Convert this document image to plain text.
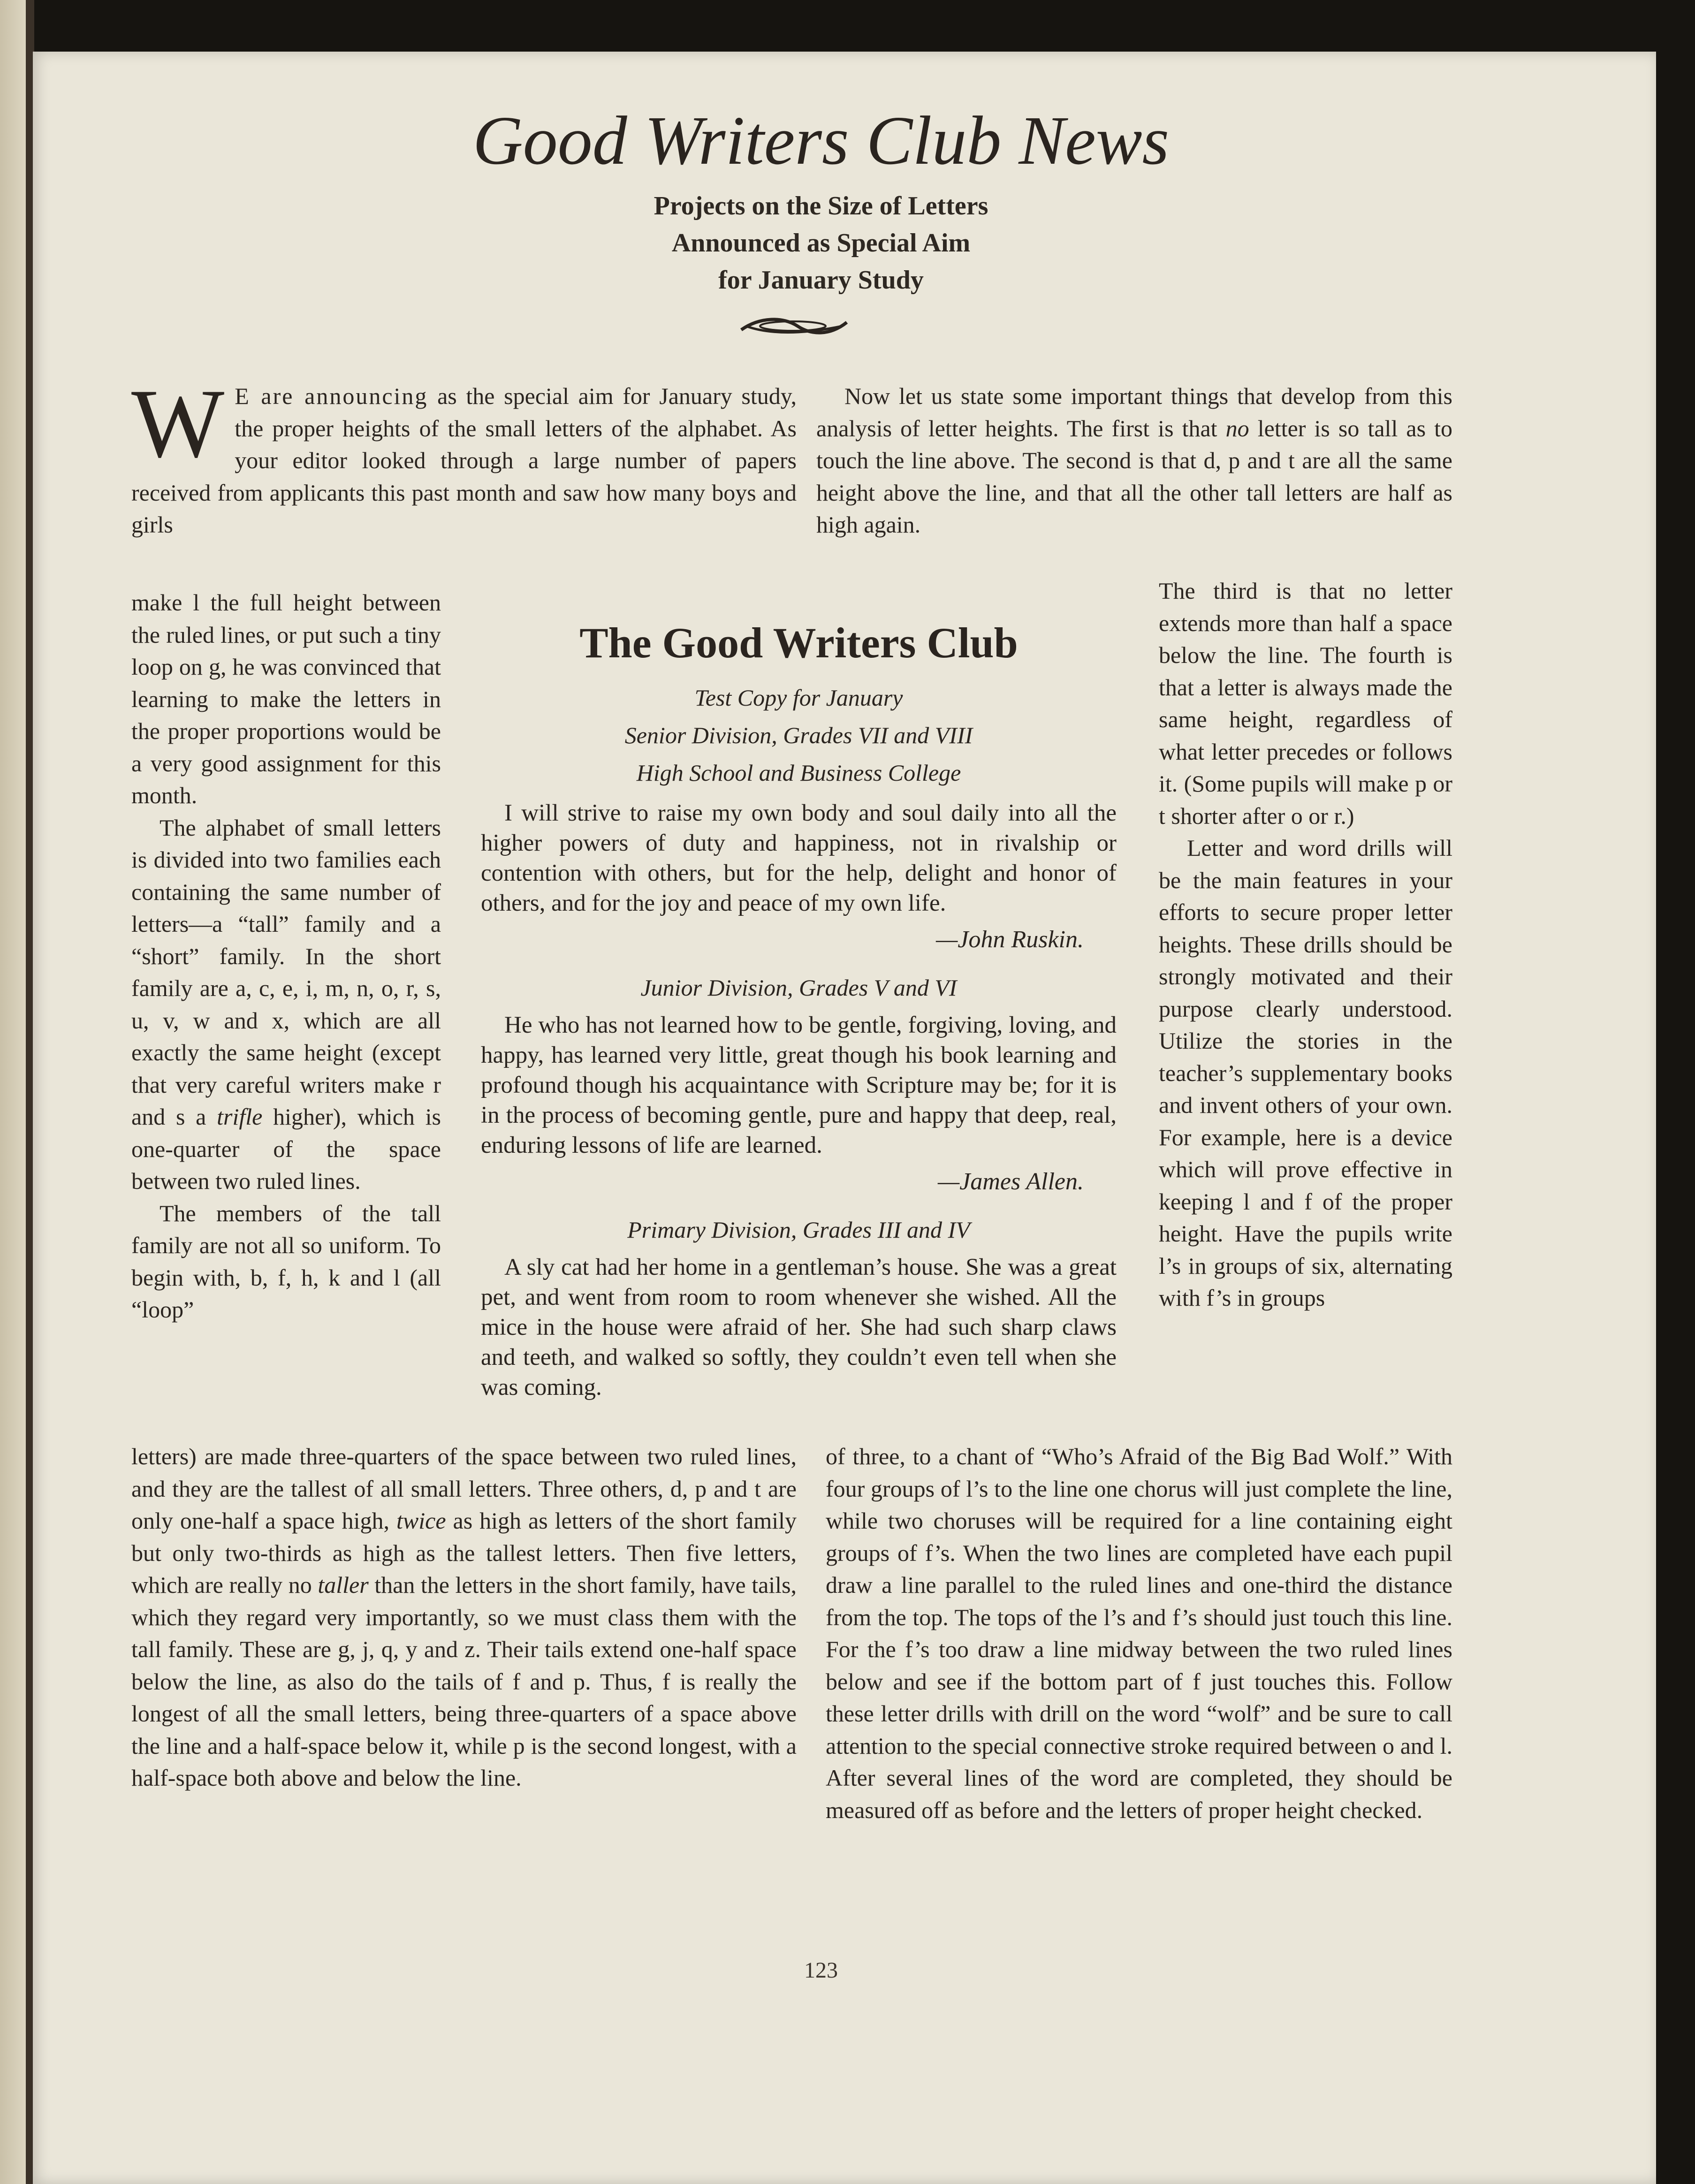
Good Writers Club News
Projects on the Size of Letters
Announced as Special Aim
for January Study

W E are announcing as the special aim for January study, the proper heights of the small letters of the alphabet. As your editor looked through a large number of papers received from applicants this past month and saw how many boys and girls

make l the full height between the ruled lines, or put such a tiny loop on g, he was convinced that learning to make the letters in the proper proportions would be a very good assignment for this month.

The alphabet of small letters is divided into two families each containing the same number of letters—a “tall” family and a “short” family. In the short family are a, c, e, i, m, n, o, r, s, u, v, w and x, which are all exactly the same height (except that very careful writers make r and s a trifle higher), which is one-quarter of the space between two ruled lines.

The members of the tall family are not all so uniform. To begin with, b, f, h, k and l (all “loop”

letters) are made three-quarters of the space between two ruled lines, and they are the tallest of all small letters. Three others, d, p and t are only one-half a space high, twice as high as letters of the short family but only two-thirds as high as the tallest letters. Then five letters, which are really no taller than the letters in the short family, have tails, which they regard very importantly, so we must class them with the tall family. These are g, j, q, y and z. Their tails extend one-half space below the line, as also do the tails of f and p. Thus, f is really the longest of all the small letters, being three-quarters of a space above the line and a half-space below it, while p is the second longest, with a half-space both above and below the line.

Now let us state some important things that develop from this analysis of letter heights. The first is that no letter is so tall as to touch the line above. The second is that d, p and t are all the same height above the line, and that all the other tall letters are half as high again.

The third is that no letter extends more than half a space below the line. The fourth is that a letter is always made the same height, regardless of what letter precedes or follows it. (Some pupils will make p or t shorter after o or r.)

Letter and word drills will be the main features in your efforts to secure proper letter heights. These drills should be strongly motivated and their purpose clearly understood. Utilize the stories in the teacher’s supplementary books and invent others of your own. For example, here is a device which will prove effective in keeping l and f of the proper height. Have the pupils write l’s in groups of six, alternating with f’s in groups

of three, to a chant of “Who’s Afraid of the Big Bad Wolf.” With four groups of l’s to the line one chorus will just complete the line, while two choruses will be required for a line containing eight groups of f’s. When the two lines are completed have each pupil draw a line parallel to the ruled lines and one-third the distance from the top. The tops of the l’s and f’s should just touch this line. For the f’s too draw a line midway between the two ruled lines below and see if the bottom part of f just touches this. Follow these letter drills with drill on the word “wolf” and be sure to call attention to the special connective stroke required between o and l. After several lines of the word are completed, they should be measured off as before and the letters of proper height checked.

The Good Writers Club

Test Copy for January

Senior Division, Grades VII and VIII

High School and Business College

I will strive to raise my own body and soul daily into all the higher powers of duty and happiness, not in rivalship or contention with others, but for the help, delight and honor of others, and for the joy and peace of my own life.

—John Ruskin.

Junior Division, Grades V and VI

He who has not learned how to be gentle, forgiving, loving, and happy, has learned very little, great though his book learning and profound though his acquaintance with Scripture may be; for it is in the process of becoming gentle, pure and happy that deep, real, enduring lessons of life are learned.

—James Allen.

Primary Division, Grades III and IV

A sly cat had her home in a gentleman’s house. She was a great pet, and went from room to room whenever she wished. All the mice in the house were afraid of her. She had such sharp claws and teeth, and walked so softly, they couldn’t even tell when she was coming.

123
